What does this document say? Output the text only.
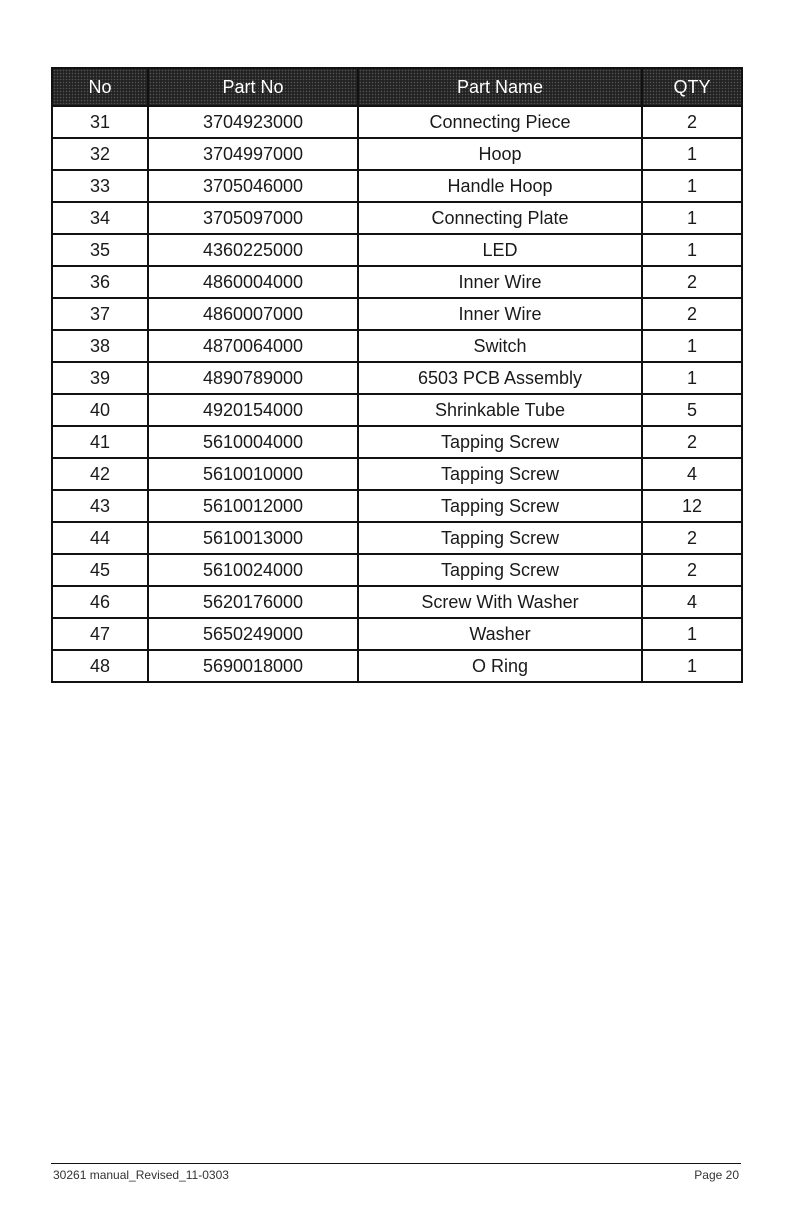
No	Part No	Part Name	QTY
31	3704923000	Connecting Piece	2
32	3704997000	Hoop	1
33	3705046000	Handle Hoop	1
34	3705097000	Connecting Plate	1
35	4360225000	LED	1
36	4860004000	Inner Wire	2
37	4860007000	Inner Wire	2
38	4870064000	Switch	1
39	4890789000	6503 PCB Assembly	1
40	4920154000	Shrinkable Tube	5
41	5610004000	Tapping Screw	2
42	5610010000	Tapping Screw	4
43	5610012000	Tapping Screw	12
44	5610013000	Tapping Screw	2
45	5610024000	Tapping Screw	2
46	5620176000	Screw With Washer	4
47	5650249000	Washer	1
48	5690018000	O Ring	1
30261 manual_Revised_11-0303	Page 20
